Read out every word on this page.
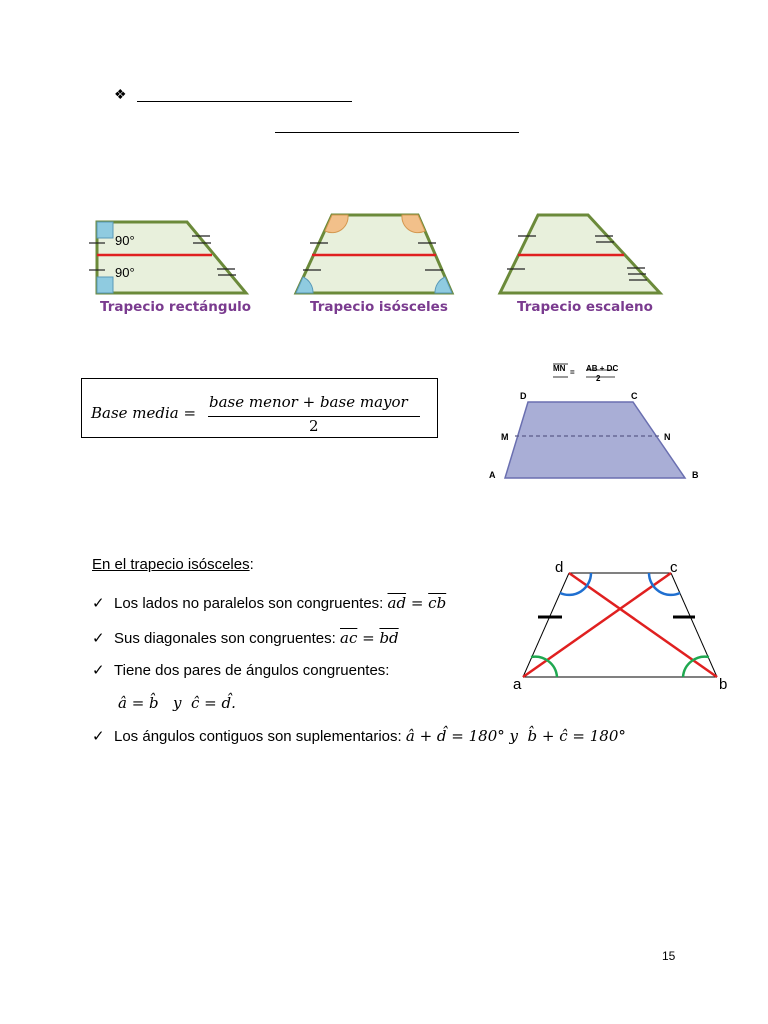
❖
90°
90°
Trapecio rectángulo	Trapecio isósceles	Trapecio escaleno
Base media =
base menor + base mayor
2
MN = AB + DC
2
D	C
M	N
A	B
En el trapecio isósceles:
✓ Los lados no paralelos son congruentes: $\overline{ad} = \overline{cb}$
✓ Sus diagonales son congruentes: $\overline{ac} = \overline{bd}$
✓ Tiene dos pares de ángulos congruentes:
â = b̂   y  ĉ = d̂.
✓ Los ángulos contiguos son suplementarios: â + d̂ = 180° y  b̂ + ĉ = 180°
d	c
a	b
15
